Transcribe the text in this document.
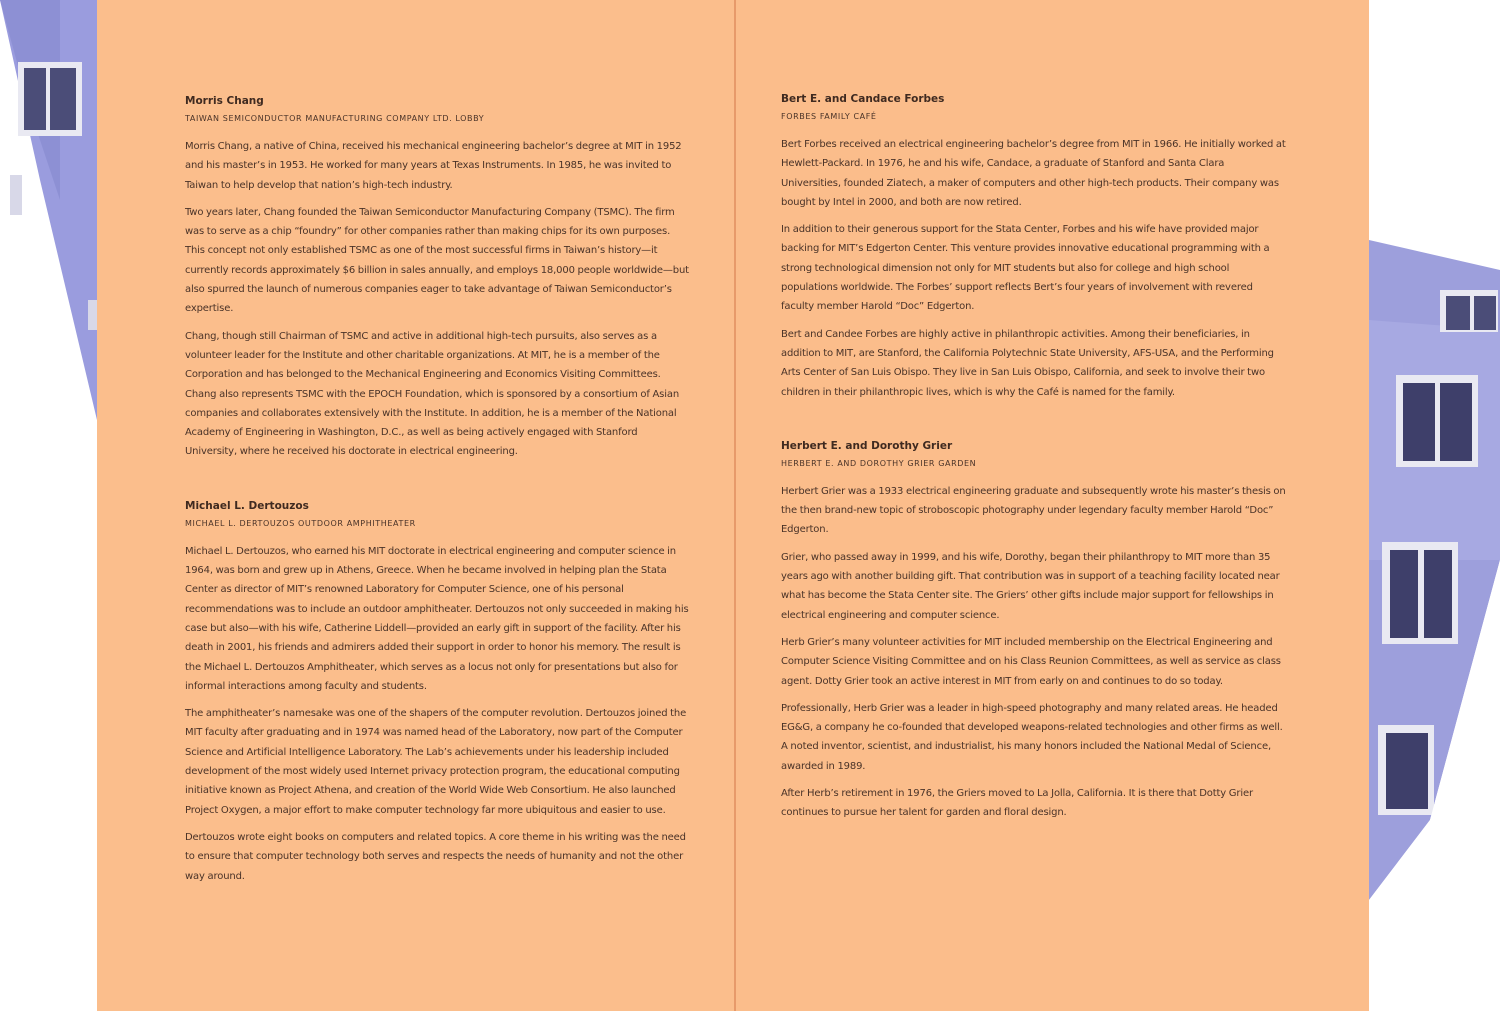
Morris Chang
TAIWAN SEMICONDUCTOR MANUFACTURING COMPANY LTD. LOBBY

Morris Chang, a native of China, received his mechanical engineering bachelor’s degree at MIT in 1952 and his master’s in 1953. He worked for many years at Texas Instruments. In 1985, he was invited to Taiwan to help develop that nation’s high-tech industry.

Two years later, Chang founded the Taiwan Semiconductor Manufacturing Company (TSMC). The firm was to serve as a chip “foundry” for other companies rather than making chips for its own purposes. This concept not only established TSMC as one of the most successful firms in Taiwan’s history—it currently records approximately $6 billion in sales annually, and employs 18,000 people worldwide—but also spurred the launch of numerous companies eager to take advantage of Taiwan Semiconductor’s expertise.

Chang, though still Chairman of TSMC and active in additional high-tech pursuits, also serves as a volunteer leader for the Institute and other charitable organizations. At MIT, he is a member of the Corporation and has belonged to the Mechanical Engineering and Economics Visiting Committees. Chang also represents TSMC with the EPOCH Foundation, which is sponsored by a consortium of Asian companies and collaborates extensively with the Institute. In addition, he is a member of the National Academy of Engineering in Washington, D.C., as well as being actively engaged with Stanford University, where he received his doctorate in electrical engineering.

Michael L. Dertouzos
MICHAEL L. DERTOUZOS OUTDOOR AMPHITHEATER

Michael L. Dertouzos, who earned his MIT doctorate in electrical engineering and computer science in 1964, was born and grew up in Athens, Greece. When he became involved in helping plan the Stata Center as director of MIT’s renowned Laboratory for Computer Science, one of his personal recommendations was to include an outdoor amphitheater. Dertouzos not only succeeded in making his case but also—with his wife, Catherine Liddell—provided an early gift in support of the facility. After his death in 2001, his friends and admirers added their support in order to honor his memory. The result is the Michael L. Dertouzos Amphitheater, which serves as a locus not only for presentations but also for informal interactions among faculty and students.

The amphitheater’s namesake was one of the shapers of the computer revolution. Dertouzos joined the MIT faculty after graduating and in 1974 was named head of the Laboratory, now part of the Computer Science and Artificial Intelligence Laboratory. The Lab’s achievements under his leadership included development of the most widely used Internet privacy protection program, the educational computing initiative known as Project Athena, and creation of the World Wide Web Consortium. He also launched Project Oxygen, a major effort to make computer technology far more ubiquitous and easier to use.

Dertouzos wrote eight books on computers and related topics. A core theme in his writing was the need to ensure that computer technology both serves and respects the needs of humanity and not the other way around.

Bert E. and Candace Forbes
FORBES FAMILY CAFÉ

Bert Forbes received an electrical engineering bachelor’s degree from MIT in 1966. He initially worked at Hewlett-Packard. In 1976, he and his wife, Candace, a graduate of Stanford and Santa Clara Universities, founded Ziatech, a maker of computers and other high-tech products. Their company was bought by Intel in 2000, and both are now retired.

In addition to their generous support for the Stata Center, Forbes and his wife have provided major backing for MIT’s Edgerton Center. This venture provides innovative educational programming with a strong technological dimension not only for MIT students but also for college and high school populations worldwide. The Forbes’ support reflects Bert’s four years of involvement with revered faculty member Harold “Doc” Edgerton.

Bert and Candee Forbes are highly active in philanthropic activities. Among their beneficiaries, in addition to MIT, are Stanford, the California Polytechnic State University, AFS-USA, and the Performing Arts Center of San Luis Obispo. They live in San Luis Obispo, California, and seek to involve their two children in their philanthropic lives, which is why the Café is named for the family.

Herbert E. and Dorothy Grier
HERBERT E. AND DOROTHY GRIER GARDEN

Herbert Grier was a 1933 electrical engineering graduate and subsequently wrote his master’s thesis on the then brand-new topic of stroboscopic photography under legendary faculty member Harold “Doc” Edgerton.

Grier, who passed away in 1999, and his wife, Dorothy, began their philanthropy to MIT more than 35 years ago with another building gift. That contribution was in support of a teaching facility located near what has become the Stata Center site. The Griers’ other gifts include major support for fellowships in electrical engineering and computer science.

Herb Grier’s many volunteer activities for MIT included membership on the Electrical Engineering and Computer Science Visiting Committee and on his Class Reunion Committees, as well as service as class agent. Dotty Grier took an active interest in MIT from early on and continues to do so today.

Professionally, Herb Grier was a leader in high-speed photography and many related areas. He headed EG&G, a company he co-founded that developed weapons-related technologies and other firms as well. A noted inventor, scientist, and industrialist, his many honors included the National Medal of Science, awarded in 1989.

After Herb’s retirement in 1976, the Griers moved to La Jolla, California. It is there that Dotty Grier continues to pursue her talent for garden and floral design.
